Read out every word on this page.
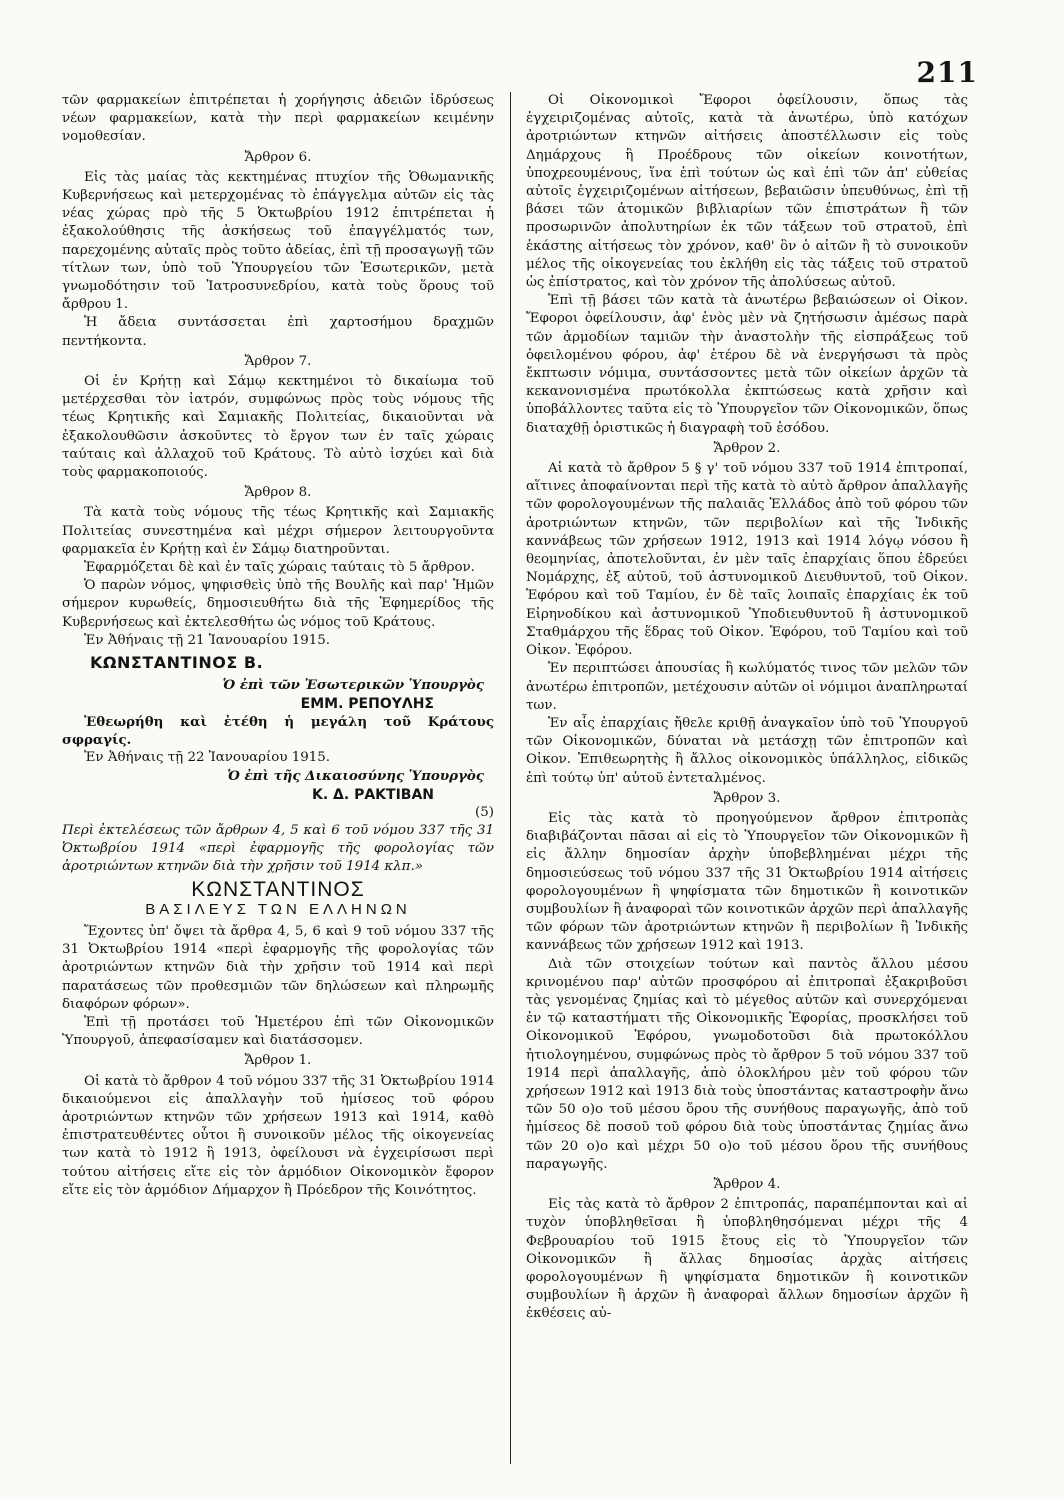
211

τῶν φαρμακείων ἐπιτρέπεται ἡ χορήγησις ἀδειῶν ἱδρύσεως νέων φαρμακείων, κατὰ τὴν περὶ φαρμακείων κειμένην νομοθεσίαν.

Ἄρθρον 6.

Εἰς τὰς μαίας τὰς κεκτημένας πτυχίον τῆς Ὀθωμανικῆς Κυβερνήσεως καὶ μετερχομένας τὸ ἐπάγγελμα αὐτῶν εἰς τὰς νέας χώρας πρὸ τῆς 5 Ὀκτωβρίου 1912 ἐπιτρέπεται ἡ ἐξακολούθησις τῆς ἀσκήσεως τοῦ ἐπαγγέλματός των, παρεχομένης αὐταῖς πρὸς τοῦτο ἀδείας, ἐπὶ τῇ προσαγωγῇ τῶν τίτλων των, ὑπὸ τοῦ Ὑπουργείου τῶν Ἐσωτερικῶν, μετὰ γνωμοδότησιν τοῦ Ἰατροσυνεδρίου, κατὰ τοὺς ὅρους τοῦ ἄρθρου 1.

Ἡ ἄδεια συντάσσεται ἐπὶ χαρτοσήμου δραχμῶν πεντήκοντα.

Ἄρθρον 7.

Οἱ ἐν Κρήτῃ καὶ Σάμῳ κεκτημένοι τὸ δικαίωμα τοῦ μετέρχεσθαι τὸν ἰατρόν, συμφώνως πρὸς τοὺς νόμους τῆς τέως Κρητικῆς καὶ Σαμιακῆς Πολιτείας, δικαιοῦνται νὰ ἐξακολουθῶσιν ἀσκοῦντες τὸ ἔργον των ἐν ταῖς χώραις ταύταις καὶ ἀλλαχοῦ τοῦ Κράτους. Τὸ αὐτὸ ἰσχύει καὶ διὰ τοὺς φαρμακοποιούς.

Ἄρθρον 8.

Τὰ κατὰ τοὺς νόμους τῆς τέως Κρητικῆς καὶ Σαμιακῆς Πολιτείας συνεστημένα καὶ μέχρι σήμερον λειτουργοῦντα φαρμακεῖα ἐν Κρήτῃ καὶ ἐν Σάμῳ διατηροῦνται.

Ἐφαρμόζεται δὲ καὶ ἐν ταῖς χώραις ταύταις τὸ 5 ἄρθρον.

Ὁ παρὼν νόμος, ψηφισθεὶς ὑπὸ τῆς Βουλῆς καὶ παρ' Ἡμῶν σήμερον κυρωθείς, δημοσιευθήτω διὰ τῆς Ἐφημερίδος τῆς Κυβερνήσεως καὶ ἐκτελεσθήτω ὡς νόμος τοῦ Κράτους.

Ἐν Ἀθήναις τῇ 21 Ἰανουαρίου 1915.

ΚΩΝΣΤΑΝΤΙΝΟΣ Β.

Ὁ ἐπὶ τῶν Ἐσωτερικῶν Ὑπουργὸς

ΕΜΜ. ΡΕΠΟΥΛΗΣ

Ἐθεωρήθη καὶ ἐτέθη ἡ μεγάλη τοῦ Κράτους σφραγίς.

Ἐν Ἀθήναις τῇ 22 Ἰανουαρίου 1915.

Ὁ ἐπὶ τῆς Δικαιοσύνης Ὑπουργὸς

Κ. Δ. ΡΑΚΤΙΒΑΝ

(5)

Περὶ ἐκτελέσεως τῶν ἄρθρων 4, 5 καὶ 6 τοῦ νόμου 337 τῆς 31 Ὀκτωβρίου 1914 «περὶ ἐφαρμογῆς τῆς φορολογίας τῶν ἀροτριώντων κτηνῶν διὰ τὴν χρῆσιν τοῦ 1914 κλπ.»

ΚΩΝΣΤΑΝΤΙΝΟΣ

ΒΑΣΙΛΕΥΣ ΤΩΝ ΕΛΛΗΝΩΝ

Ἔχοντες ὑπ' ὄψει τὰ ἄρθρα 4, 5, 6 καὶ 9 τοῦ νόμου 337 τῆς 31 Ὀκτωβρίου 1914 «περὶ ἐφαρμογῆς τῆς φορολογίας τῶν ἀροτριώντων κτηνῶν διὰ τὴν χρῆσιν τοῦ 1914 καὶ περὶ παρατάσεως τῶν προθεσμιῶν τῶν δηλώσεων καὶ πληρωμῆς διαφόρων φόρων».

Ἐπὶ τῇ προτάσει τοῦ Ἡμετέρου ἐπὶ τῶν Οἰκονομικῶν Ὑπουργοῦ, ἀπεφασίσαμεν καὶ διατάσσομεν.

Ἄρθρον 1.

Οἱ κατὰ τὸ ἄρθρον 4 τοῦ νόμου 337 τῆς 31 Ὀκτωβρίου 1914 δικαιούμενοι εἰς ἀπαλλαγὴν τοῦ ἡμίσεος τοῦ φόρου ἀροτριώντων κτηνῶν τῶν χρήσεων 1913 καὶ 1914, καθὸ ἐπιστρατευθέντες οὗτοι ἢ συνοικοῦν μέλος τῆς οἰκογενείας των κατὰ τὸ 1912 ἢ 1913, ὀφείλουσι νὰ ἐγχειρίσωσι περὶ τούτου αἰτήσεις εἴτε εἰς τὸν ἁρμόδιον Οἰκονομικὸν ἔφορον εἴτε εἰς τὸν ἁρμόδιον Δήμαρχον ἢ Πρόεδρον τῆς Κοινότητος.

Οἱ Οἰκονομικοὶ Ἔφοροι ὀφείλουσιν, ὅπως τὰς ἐγχειριζομένας αὐτοῖς, κατὰ τὰ ἀνωτέρω, ὑπὸ κατόχων ἀροτριώντων κτηνῶν αἰτήσεις ἀποστέλλωσιν εἰς τοὺς Δημάρχους ἢ Προέδρους τῶν οἰκείων κοινοτήτων, ὑποχρεουμένους, ἵνα ἐπὶ τούτων ὡς καὶ ἐπὶ τῶν ἀπ' εὐθείας αὐτοῖς ἐγχειριζομένων αἰτήσεων, βεβαιῶσιν ὑπευθύνως, ἐπὶ τῇ βάσει τῶν ἀτομικῶν βιβλιαρίων τῶν ἐπιστράτων ἢ τῶν προσωρινῶν ἀπολυτηρίων ἐκ τῶν τάξεων τοῦ στρατοῦ, ἐπὶ ἑκάστης αἰτήσεως τὸν χρόνον, καθ' ὃν ὁ αἰτῶν ἢ τὸ συνοικοῦν μέλος τῆς οἰκογενείας του ἐκλήθη εἰς τὰς τάξεις τοῦ στρατοῦ ὡς ἐπίστρατος, καὶ τὸν χρόνον τῆς ἀπολύσεως αὐτοῦ.

Ἐπὶ τῇ βάσει τῶν κατὰ τὰ ἀνωτέρω βεβαιώσεων οἱ Οἰκον. Ἔφοροι ὀφείλουσιν, ἀφ' ἑνὸς μὲν νὰ ζητήσωσιν ἀμέσως παρὰ τῶν ἁρμοδίων ταμιῶν τὴν ἀναστολὴν τῆς εἰσπράξεως τοῦ ὀφειλομένου φόρου, ἀφ' ἑτέρου δὲ νὰ ἐνεργήσωσι τὰ πρὸς ἔκπτωσιν νόμιμα, συντάσσοντες μετὰ τῶν οἰκείων ἀρχῶν τὰ κεκανονισμένα πρωτόκολλα ἐκπτώσεως κατὰ χρῆσιν καὶ ὑποβάλλοντες ταῦτα εἰς τὸ Ὑπουργεῖον τῶν Οἰκονομικῶν, ὅπως διαταχθῇ ὁριστικῶς ἡ διαγραφὴ τοῦ ἐσόδου.

Ἄρθρον 2.

Αἱ κατὰ τὸ ἄρθρον 5 § γ' τοῦ νόμου 337 τοῦ 1914 ἐπιτροπαί, αἵτινες ἀποφαίνονται περὶ τῆς κατὰ τὸ αὐτὸ ἄρθρον ἀπαλλαγῆς τῶν φορολογουμένων τῆς παλαιᾶς Ἑλλάδος ἀπὸ τοῦ φόρου τῶν ἀροτριώντων κτηνῶν, τῶν περιβολίων καὶ τῆς Ἰνδικῆς καννάβεως τῶν χρήσεων 1912, 1913 καὶ 1914 λόγῳ νόσου ἢ θεομηνίας, ἀποτελοῦνται, ἐν μὲν ταῖς ἐπαρχίαις ὅπου ἑδρεύει Νομάρχης, ἐξ αὐτοῦ, τοῦ ἀστυνομικοῦ Διευθυντοῦ, τοῦ Οἰκον. Ἐφόρου καὶ τοῦ Ταμίου, ἐν δὲ ταῖς λοιπαῖς ἐπαρχίαις ἐκ τοῦ Εἰρηνοδίκου καὶ ἀστυνομικοῦ Ὑποδιευθυντοῦ ἢ ἀστυνομικοῦ Σταθμάρχου τῆς ἕδρας τοῦ Οἰκον. Ἐφόρου, τοῦ Ταμίου καὶ τοῦ Οἰκον. Ἐφόρου.

Ἐν περιπτώσει ἀπουσίας ἢ κωλύματός τινος τῶν μελῶν τῶν ἀνωτέρω ἐπιτροπῶν, μετέχουσιν αὐτῶν οἱ νόμιμοι ἀναπληρωταί των.

Ἐν αἷς ἐπαρχίαις ἤθελε κριθῇ ἀναγκαῖον ὑπὸ τοῦ Ὑπουργοῦ τῶν Οἰκονομικῶν, δύναται νὰ μετάσχῃ τῶν ἐπιτροπῶν καὶ Οἰκον. Ἐπιθεωρητὴς ἢ ἄλλος οἰκονομικὸς ὑπάλληλος, εἰδικῶς ἐπὶ τούτῳ ὑπ' αὐτοῦ ἐντεταλμένος.

Ἄρθρον 3.

Εἰς τὰς κατὰ τὸ προηγούμενον ἄρθρον ἐπιτροπὰς διαβιβάζονται πᾶσαι αἱ εἰς τὸ Ὑπουργεῖον τῶν Οἰκονομικῶν ἢ εἰς ἄλλην δημοσίαν ἀρχὴν ὑποβεβλημέναι μέχρι τῆς δημοσιεύσεως τοῦ νόμου 337 τῆς 31 Ὀκτωβρίου 1914 αἰτήσεις φορολογουμένων ἢ ψηφίσματα τῶν δημοτικῶν ἢ κοινοτικῶν συμβουλίων ἢ ἀναφοραὶ τῶν κοινοτικῶν ἀρχῶν περὶ ἀπαλλαγῆς τῶν φόρων τῶν ἀροτριώντων κτηνῶν ἢ περιβολίων ἢ Ἰνδικῆς καννάβεως τῶν χρήσεων 1912 καὶ 1913.

Διὰ τῶν στοιχείων τούτων καὶ παντὸς ἄλλου μέσου κρινομένου παρ' αὐτῶν προσφόρου αἱ ἐπιτροπαὶ ἐξακριβοῦσι τὰς γενομένας ζημίας καὶ τὸ μέγεθος αὐτῶν καὶ συνερχόμεναι ἐν τῷ καταστήματι τῆς Οἰκονομικῆς Ἐφορίας, προσκλήσει τοῦ Οἰκονομικοῦ Ἐφόρου, γνωμοδοτοῦσι διὰ πρωτοκόλλου ἠτιολογημένου, συμφώνως πρὸς τὸ ἄρθρον 5 τοῦ νόμου 337 τοῦ 1914 περὶ ἀπαλλαγῆς, ἀπὸ ὁλοκλήρου μὲν τοῦ φόρου τῶν χρήσεων 1912 καὶ 1913 διὰ τοὺς ὑποστάντας καταστροφὴν ἄνω τῶν 50 ο)ο τοῦ μέσου ὅρου τῆς συνήθους παραγωγῆς, ἀπὸ τοῦ ἡμίσεος δὲ ποσοῦ τοῦ φόρου διὰ τοὺς ὑποστάντας ζημίας ἄνω τῶν 20 ο)ο καὶ μέχρι 50 ο)ο τοῦ μέσου ὅρου τῆς συνήθους παραγωγῆς.

Ἄρθρον 4.

Εἰς τὰς κατὰ τὸ ἄρθρον 2 ἐπιτροπάς, παραπέμπονται καὶ αἱ τυχὸν ὑποβληθεῖσαι ἢ ὑποβληθησόμεναι μέχρι τῆς 4 Φεβρουαρίου τοῦ 1915 ἔτους εἰς τὸ Ὑπουργεῖον τῶν Οἰκονομικῶν ἢ ἄλλας δημοσίας ἀρχὰς αἰτήσεις φορολογουμένων ἢ ψηφίσματα δημοτικῶν ἢ κοινοτικῶν συμβουλίων ἢ ἀρχῶν ἢ ἀναφοραὶ ἄλλων δημοσίων ἀρχῶν ἢ ἐκθέσεις αὐ-
